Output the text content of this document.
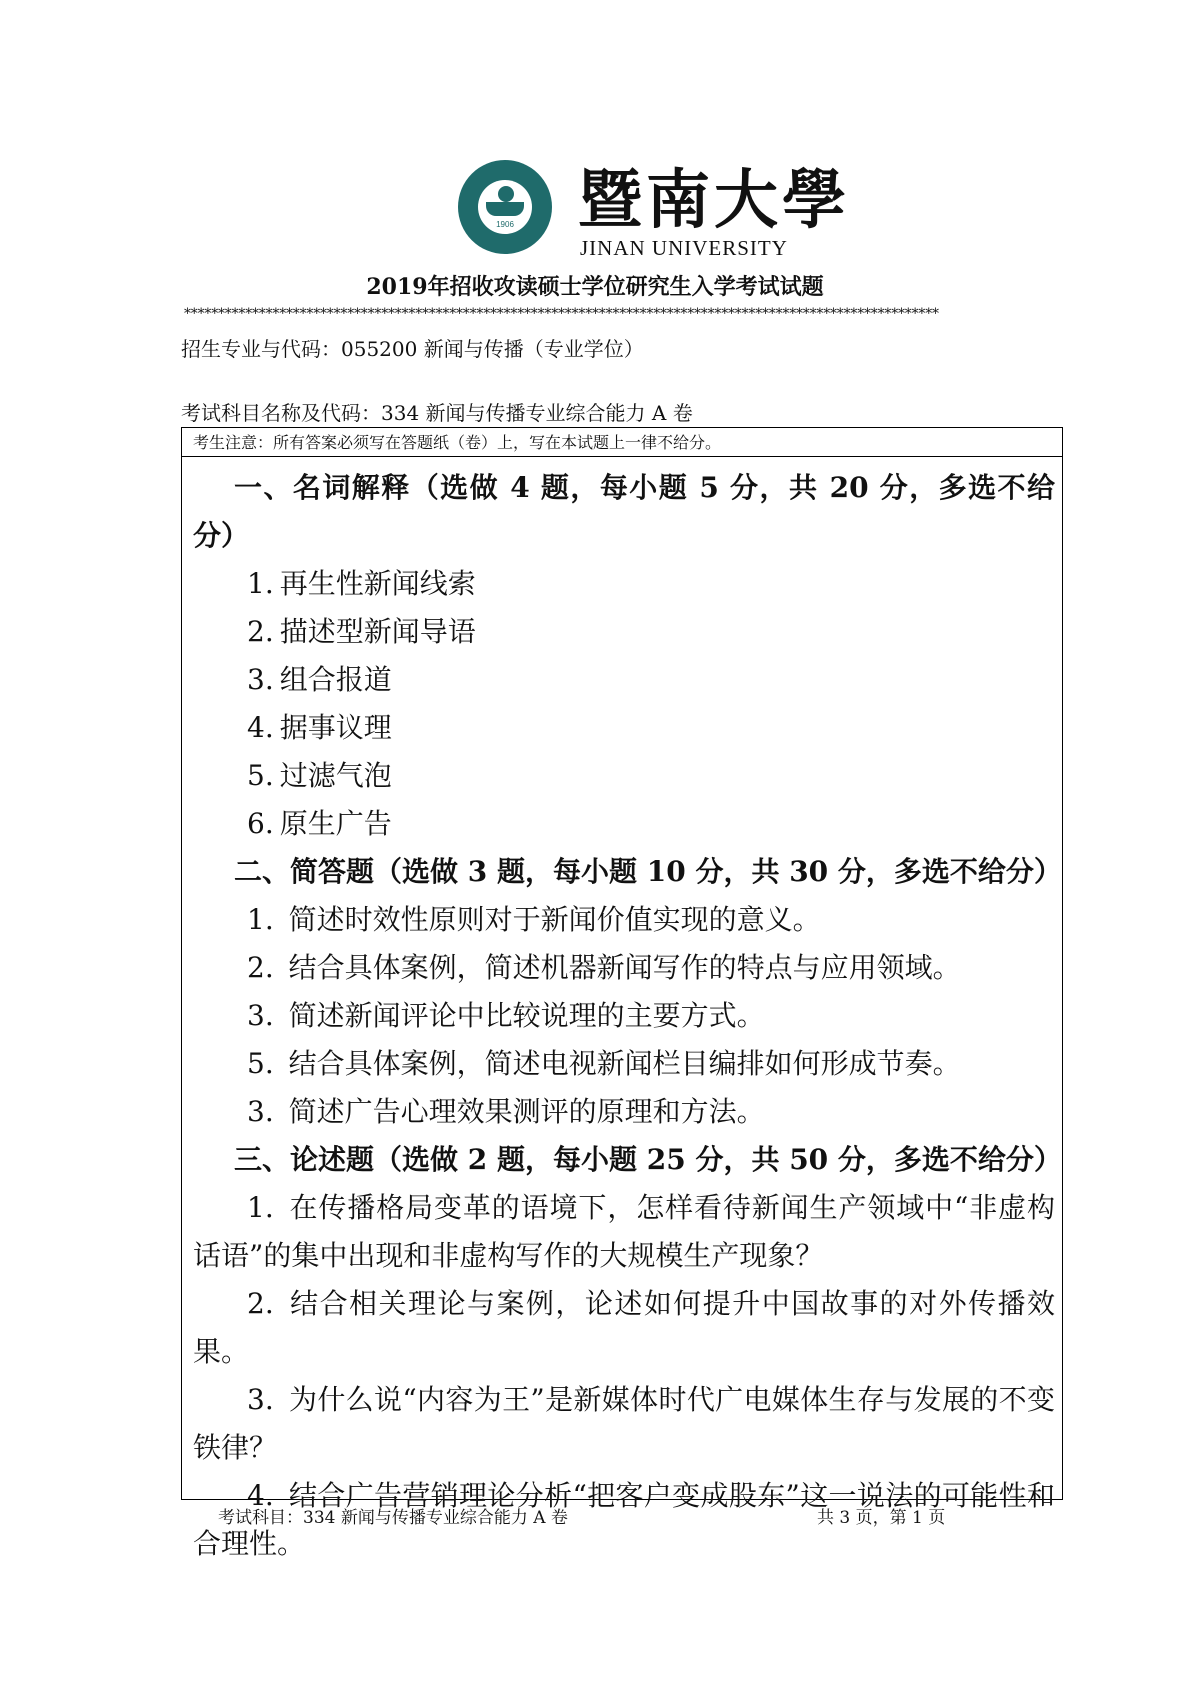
1906	暨南大學
JINAN UNIVERSITY
2019年招收攻读硕士学位研究生入学考试试题
***************************************************************************************************************
招生专业与代码：055200 新闻与传播（专业学位）
考试科目名称及代码：334 新闻与传播专业综合能力 A 卷
考生注意：所有答案必须写在答题纸（卷）上，写在本试题上一律不给分。

一、名词解释（选做 4 题，每小题 5 分，共 20 分，多选不给分）

1. 再生性新闻线索

2. 描述型新闻导语

3. 组合报道

4. 据事议理

5. 过滤气泡

6. 原生广告

二、简答题（选做 3 题，每小题 10 分，共 30 分，多选不给分）

1. 简述时效性原则对于新闻价值实现的意义。

2. 结合具体案例，简述机器新闻写作的特点与应用领域。

3. 简述新闻评论中比较说理的主要方式。

5. 结合具体案例，简述电视新闻栏目编排如何形成节奏。

3. 简述广告心理效果测评的原理和方法。

三、论述题（选做 2 题，每小题 25 分，共 50 分，多选不给分）

1. 在传播格局变革的语境下，怎样看待新闻生产领域中“非虚构话语”的集中出现和非虚构写作的大规模生产现象？

2. 结合相关理论与案例，论述如何提升中国故事的对外传播效果。

3. 为什么说“内容为王”是新媒体时代广电媒体生存与发展的不变铁律？

4. 结合广告营销理论分析“把客户变成股东”这一说法的可能性和合理性。

考试科目：334 新闻与传播专业综合能力 A 卷	共 3 页，第 1 页
